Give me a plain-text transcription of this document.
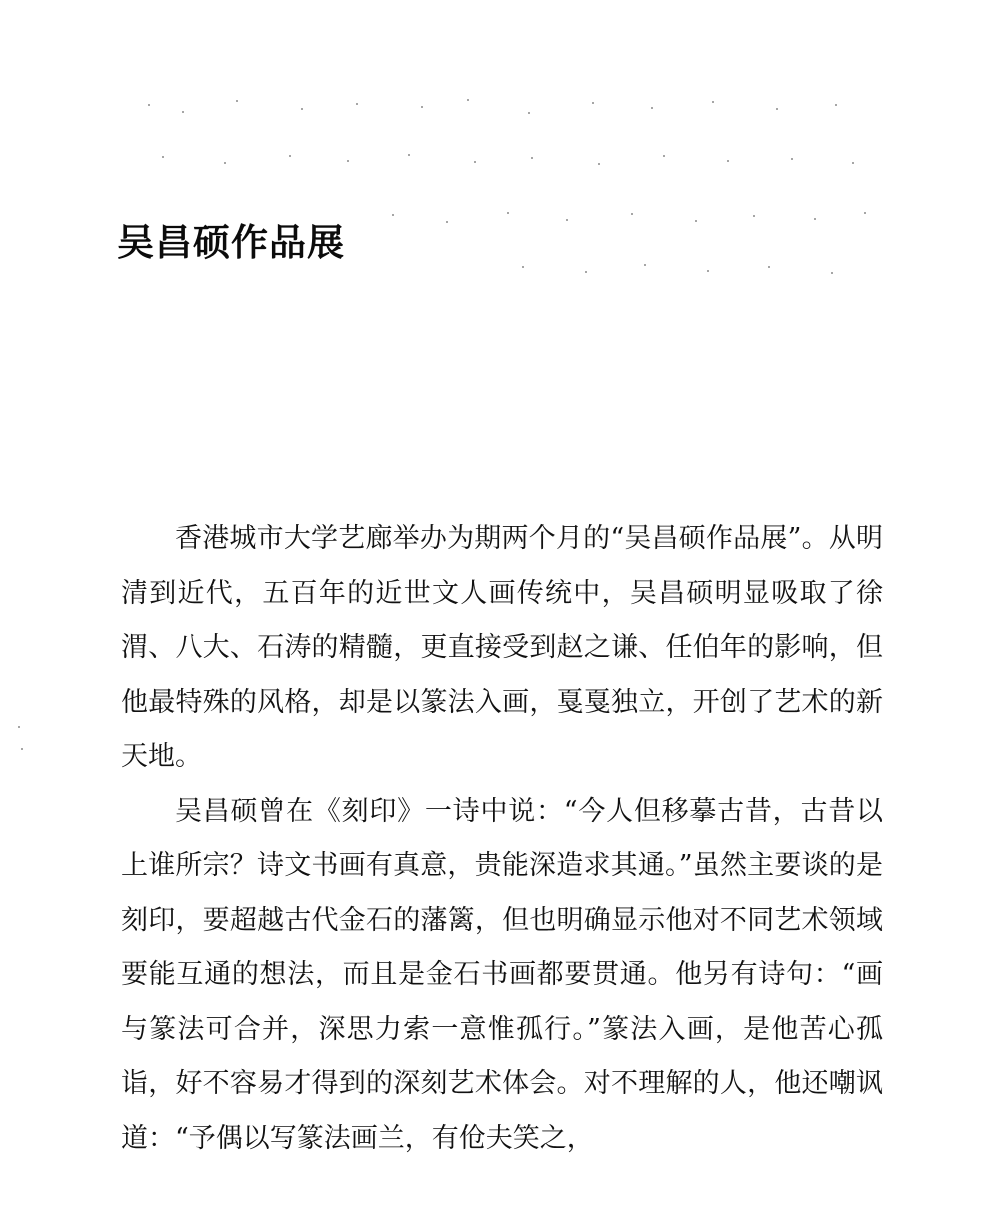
吴昌硕作品展

香港城市大学艺廊举办为期两个月的“吴昌硕作品展”。从明清到近代，五百年的近世文人画传统中，吴昌硕明显吸取了徐渭、八大、石涛的精髓，更直接受到赵之谦、任伯年的影响，但他最特殊的风格，却是以篆法入画，戛戛独立，开创了艺术的新天地。

吴昌硕曾在《刻印》一诗中说：“今人但移摹古昔，古昔以上谁所宗？诗文书画有真意，贵能深造求其通。”虽然主要谈的是刻印，要超越古代金石的藩篱，但也明确显示他对不同艺术领域要能互通的想法，而且是金石书画都要贯通。他另有诗句：“画与篆法可合并，深思力索一意惟孤行。”篆法入画，是他苦心孤诣，好不容易才得到的深刻艺术体会。对不理解的人，他还嘲讽道：“予偶以写篆法画兰，有伧夫笑之，
